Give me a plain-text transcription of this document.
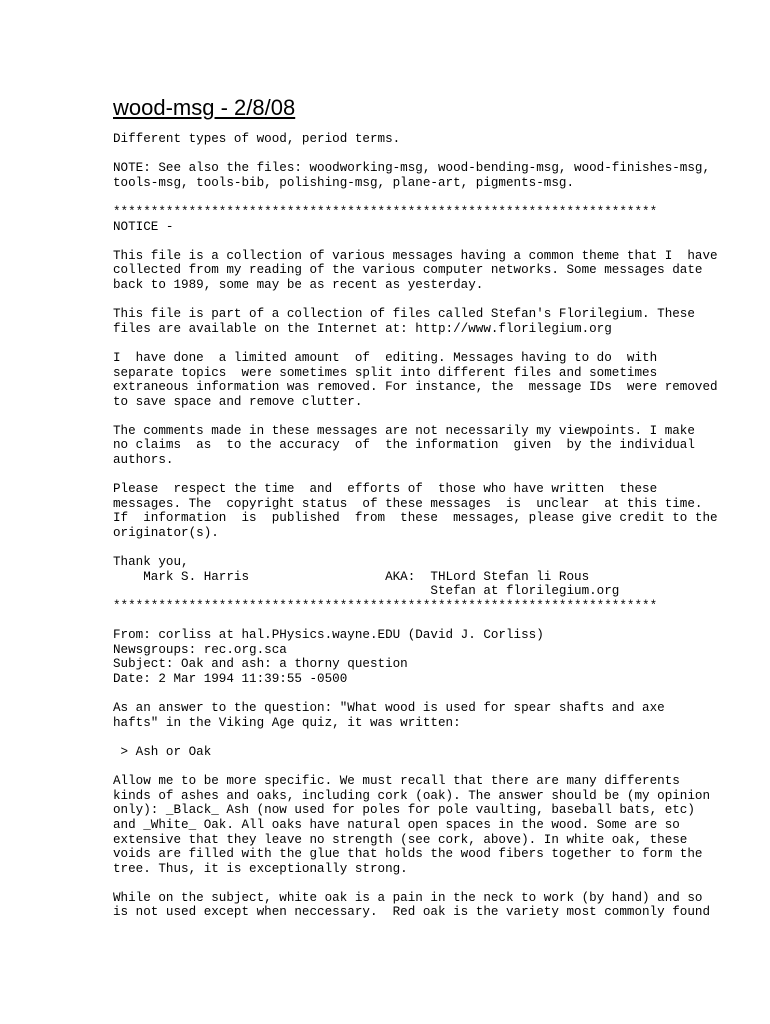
wood-msg - 2/8/08
Different types of wood, period terms.

NOTE: See also the files: woodworking-msg, wood-bending-msg, wood-finishes-msg,
tools-msg, tools-bib, polishing-msg, plane-art, pigments-msg.

************************************************************************
NOTICE -

This file is a collection of various messages having a common theme that I  have
collected from my reading of the various computer networks. Some messages date
back to 1989, some may be as recent as yesterday.

This file is part of a collection of files called Stefan's Florilegium. These
files are available on the Internet at: http://www.florilegium.org

I  have done  a limited amount  of  editing. Messages having to do  with
separate topics  were sometimes split into different files and sometimes
extraneous information was removed. For instance, the  message IDs  were removed
to save space and remove clutter.

The comments made in these messages are not necessarily my viewpoints. I make
no claims  as  to the accuracy  of  the information  given  by the individual
authors.

Please  respect the time  and  efforts of  those who have written  these
messages. The  copyright status  of these messages  is  unclear  at this time.
If  information  is  published  from  these  messages, please give credit to the
originator(s).

Thank you,
Mark S. Harris                  AKA:  THLord Stefan li Rous
Stefan at florilegium.org
************************************************************************

From: corliss at hal.PHysics.wayne.EDU (David J. Corliss)
Newsgroups: rec.org.sca
Subject: Oak and ash: a thorny question
Date: 2 Mar 1994 11:39:55 -0500

As an answer to the question: "What wood is used for spear shafts and axe
hafts" in the Viking Age quiz, it was written:

> Ash or Oak

Allow me to be more specific. We must recall that there are many differents
kinds of ashes and oaks, including cork (oak). The answer should be (my opinion
only): _Black_ Ash (now used for poles for pole vaulting, baseball bats, etc)
and _White_ Oak. All oaks have natural open spaces in the wood. Some are so
extensive that they leave no strength (see cork, above). In white oak, these
voids are filled with the glue that holds the wood fibers together to form the
tree. Thus, it is exceptionally strong.

While on the subject, white oak is a pain in the neck to work (by hand) and so
is not used except when neccessary.  Red oak is the variety most commonly found
